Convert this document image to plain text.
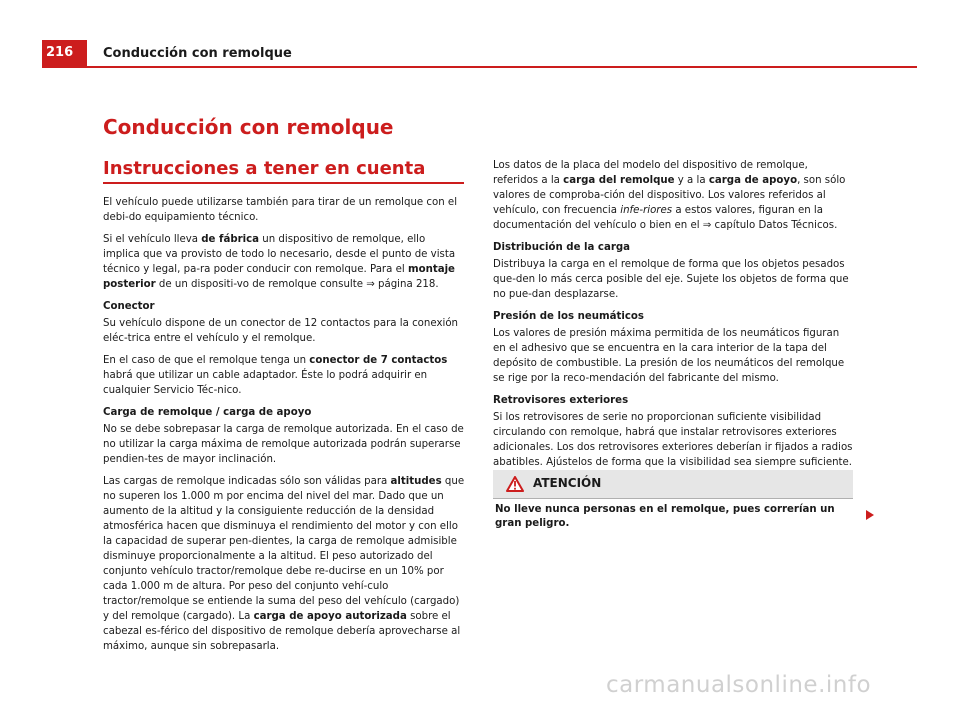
216	Conducción con remolque
Conducción con remolque
Instrucciones a tener en cuenta

El vehículo puede utilizarse también para tirar de un remolque con el debi-do equipamiento técnico.

Si el vehículo lleva de fábrica un dispositivo de remolque, ello implica que va provisto de todo lo necesario, desde el punto de vista técnico y legal, pa-ra poder conducir con remolque. Para el montaje posterior de un dispositi-vo de remolque consulte ⇒ página 218.

Conector

Su vehículo dispone de un conector de 12 contactos para la conexión eléc-trica entre el vehículo y el remolque.

En el caso de que el remolque tenga un conector de 7 contactos habrá que utilizar un cable adaptador. Éste lo podrá adquirir en cualquier Servicio Téc-nico.

Carga de remolque / carga de apoyo

No se debe sobrepasar la carga de remolque autorizada. En el caso de no utilizar la carga máxima de remolque autorizada podrán superarse pendien-tes de mayor inclinación.

Las cargas de remolque indicadas sólo son válidas para altitudes que no superen los 1.000 m por encima del nivel del mar. Dado que un aumento de la altitud y la consiguiente reducción de la densidad atmosférica hacen que disminuya el rendimiento del motor y con ello la capacidad de superar pen-dientes, la carga de remolque admisible disminuye proporcionalmente a la altitud. El peso autorizado del conjunto vehículo tractor/remolque debe re-ducirse en un 10% por cada 1.000 m de altura. Por peso del conjunto vehí-culo tractor/remolque se entiende la suma del peso del vehículo (cargado) y del remolque (cargado). La carga de apoyo autorizada sobre el cabezal es-férico del dispositivo de remolque debería aprovecharse al máximo, aunque sin sobrepasarla.

Los datos de la placa del modelo del dispositivo de remolque, referidos a la carga del remolque y a la carga de apoyo, son sólo valores de comproba-ción del dispositivo. Los valores referidos al vehículo, con frecuencia infe-riores a estos valores, figuran en la documentación del vehículo o bien en el ⇒ capítulo Datos Técnicos.

Distribución de la carga

Distribuya la carga en el remolque de forma que los objetos pesados que-den lo más cerca posible del eje. Sujete los objetos de forma que no pue-dan desplazarse.

Presión de los neumáticos

Los valores de presión máxima permitida de los neumáticos figuran en el adhesivo que se encuentra en la cara interior de la tapa del depósito de combustible. La presión de los neumáticos del remolque se rige por la reco-mendación del fabricante del mismo.

Retrovisores exteriores

Si los retrovisores de serie no proporcionan suficiente visibilidad circulando con remolque, habrá que instalar retrovisores exteriores adicionales. Los dos retrovisores exteriores deberían ir fijados a radios abatibles. Ajústelos de forma que la visibilidad sea siempre suficiente.

ATENCIÓN
No lleve nunca personas en el remolque, pues correrían un gran peligro.
carmanualsonline.info
